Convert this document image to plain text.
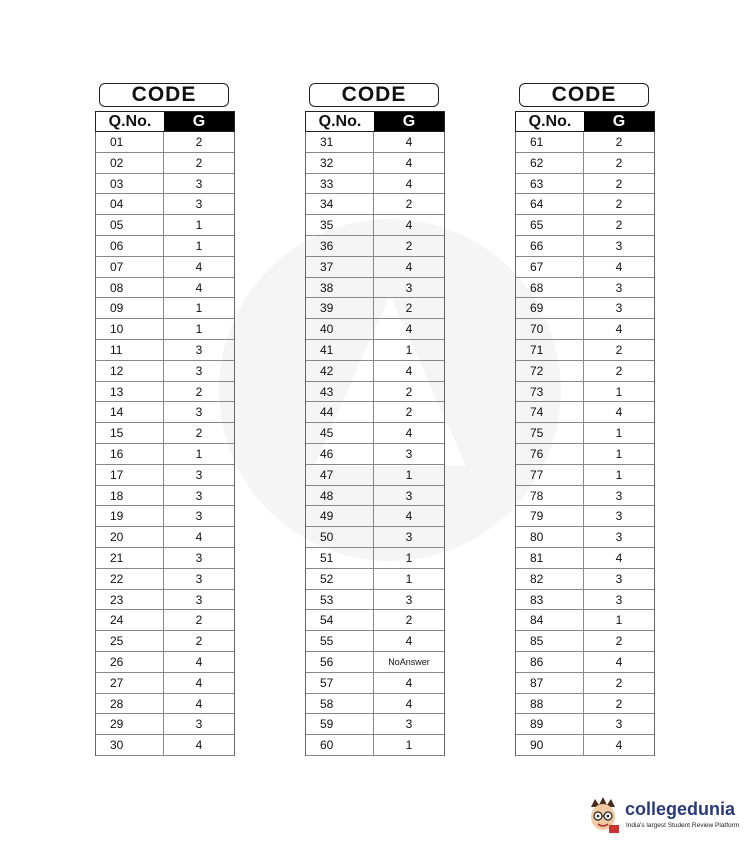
CODE
Q.No.	G
01	2
02	2
03	3
04	3
05	1
06	1
07	4
08	4
09	1
10	1
11	3
12	3
13	2
14	3
15	2
16	1
17	3
18	3
19	3
20	4
21	3
22	3
23	3
24	2
25	2
26	4
27	4
28	4
29	3
30	4
CODE
Q.No.	G
31	4
32	4
33	4
34	2
35	4
36	2
37	4
38	3
39	2
40	4
41	1
42	4
43	2
44	2
45	4
46	3
47	1
48	3
49	4
50	3
51	1
52	1
53	3
54	2
55	4
56	NoAnswer
57	4
58	4
59	3
60	1
CODE
Q.No.	G
61	2
62	2
63	2
64	2
65	2
66	3
67	4
68	3
69	3
70	4
71	2
72	2
73	1
74	4
75	1
76	1
77	1
78	3
79	3
80	3
81	4
82	3
83	3
84	1
85	2
86	4
87	2
88	2
89	3
90	4
collegedunia
India's largest Student Review Platform
